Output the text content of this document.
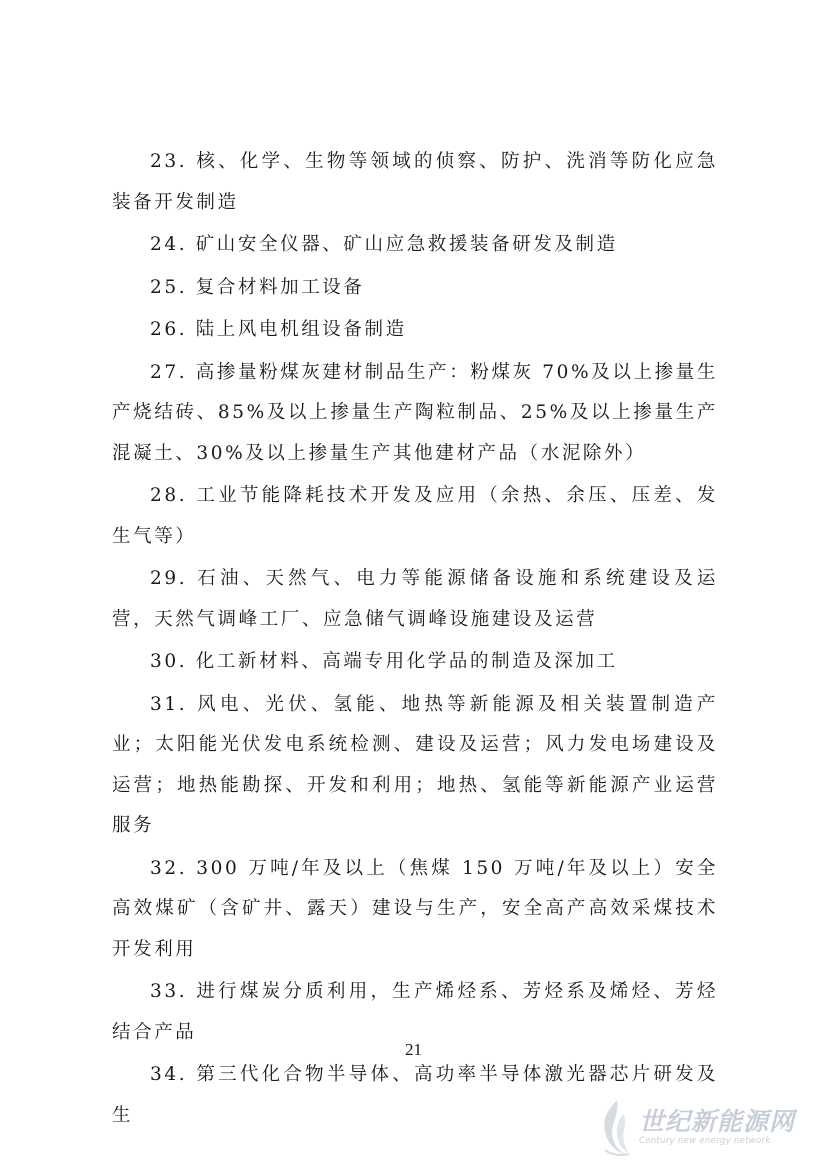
23. 核、化学、生物等领域的侦察、防护、洗消等防化应急装备开发制造

24. 矿山安全仪器、矿山应急救援装备研发及制造

25. 复合材料加工设备

26. 陆上风电机组设备制造

27. 高掺量粉煤灰建材制品生产：粉煤灰 70%及以上掺量生产烧结砖、85%及以上掺量生产陶粒制品、25%及以上掺量生产混凝土、30%及以上掺量生产其他建材产品（水泥除外）

28. 工业节能降耗技术开发及应用（余热、余压、压差、发生气等）

29. 石油、天然气、电力等能源储备设施和系统建设及运营，天然气调峰工厂、应急储气调峰设施建设及运营

30. 化工新材料、高端专用化学品的制造及深加工

31. 风电、光伏、氢能、地热等新能源及相关装置制造产业；太阳能光伏发电系统检测、建设及运营；风力发电场建设及运营；地热能勘探、开发和利用；地热、氢能等新能源产业运营服务

32. 300 万吨/年及以上（焦煤 150 万吨/年及以上）安全高效煤矿（含矿井、露天）建设与生产，安全高产高效采煤技术开发利用

33. 进行煤炭分质利用，生产烯烃系、芳烃系及烯烃、芳烃结合产品

34. 第三代化合物半导体、高功率半导体激光器芯片研发及生

21
世纪新能源网
Century new energy network
